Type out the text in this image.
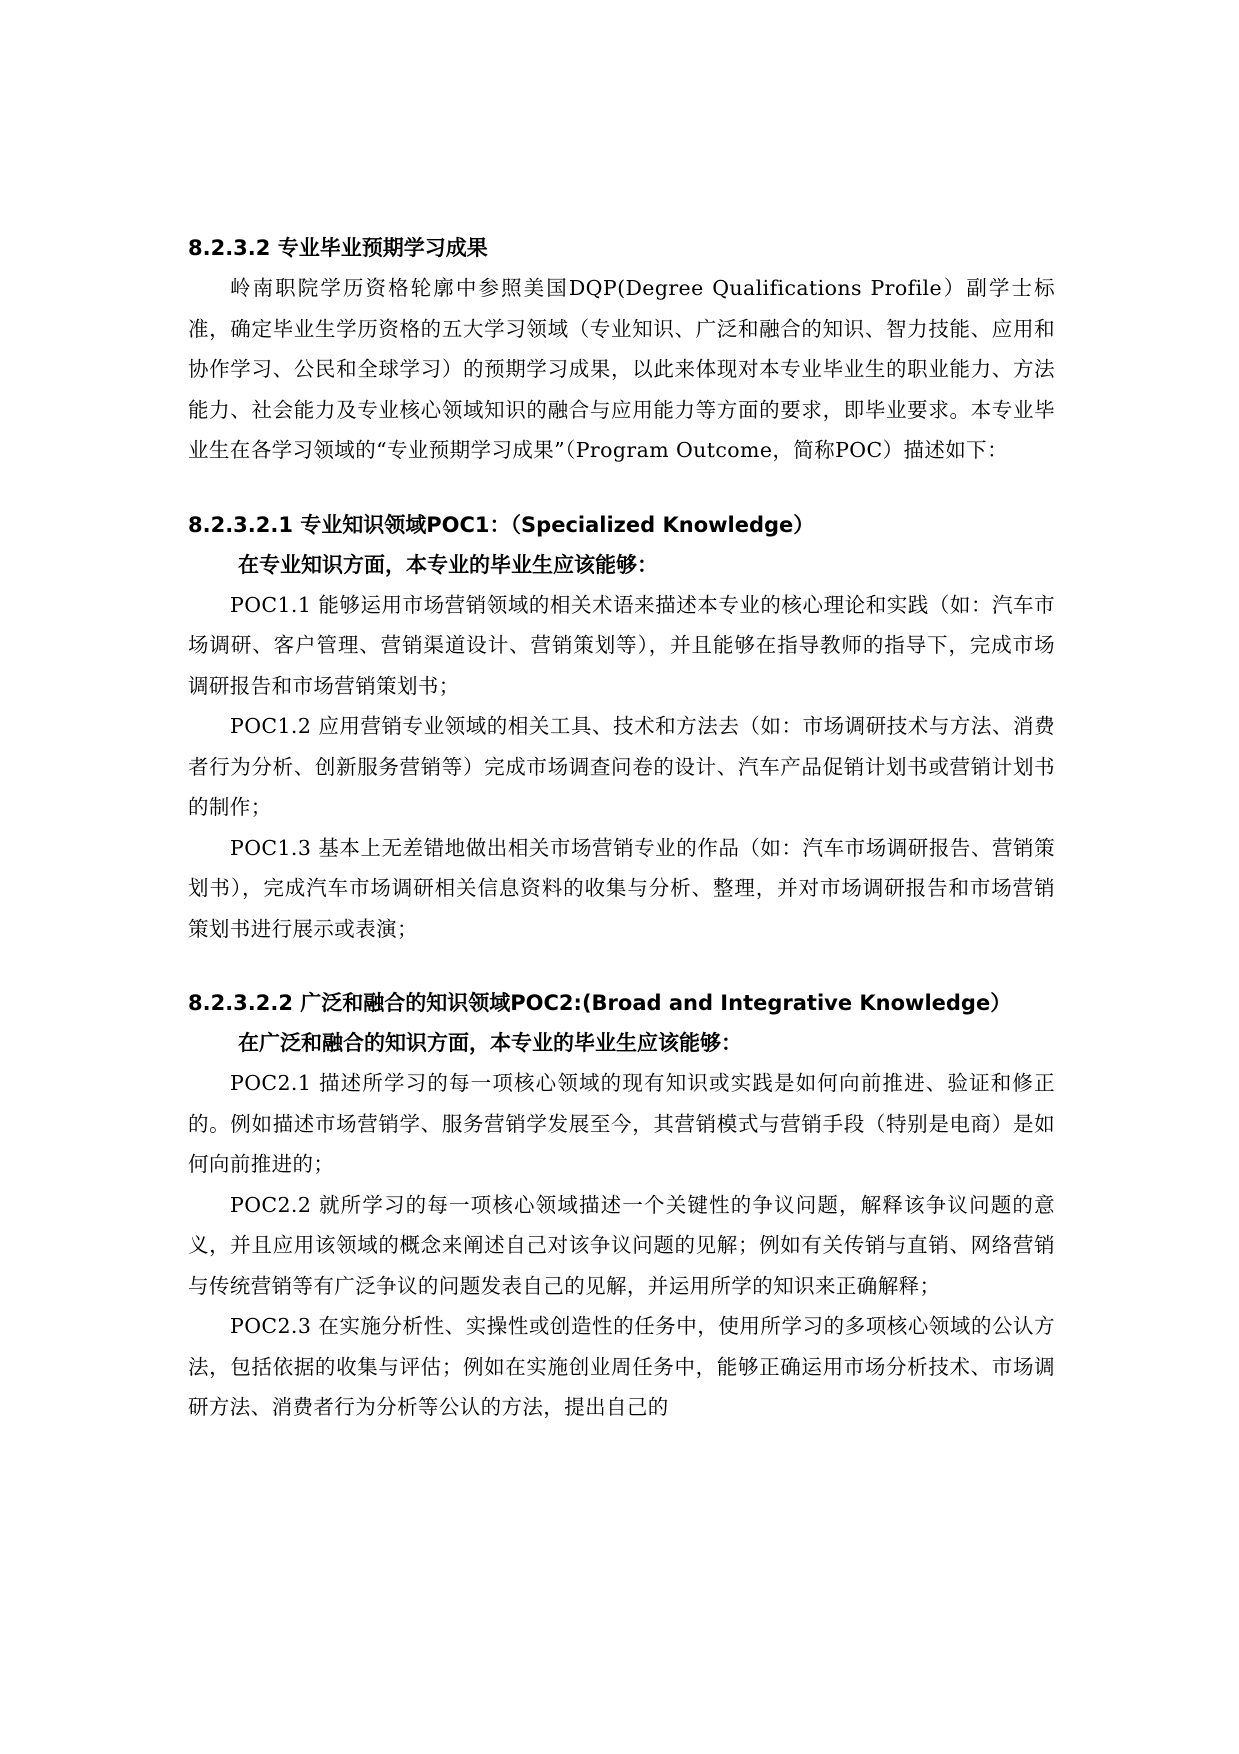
8.2.3.2 专业毕业预期学习成果

岭南职院学历资格轮廓中参照美国DQP(Degree Qualifications Profile）副学士标准，确定毕业生学历资格的五大学习领域（专业知识、广泛和融合的知识、智力技能、应用和协作学习、公民和全球学习）的预期学习成果，以此来体现对本专业毕业生的职业能力、方法能力、社会能力及专业核心领域知识的融合与应用能力等方面的要求，即毕业要求。本专业毕业生在各学习领域的“专业预期学习成果”（Program Outcome，简称POC）描述如下：

8.2.3.2.1 专业知识领域POC1：（Specialized Knowledge）
在专业知识方面，本专业的毕业生应该能够：

POC1.1 能够运用市场营销领域的相关术语来描述本专业的核心理论和实践（如：汽车市场调研、客户管理、营销渠道设计、营销策划等），并且能够在指导教师的指导下，完成市场调研报告和市场营销策划书；

POC1.2 应用营销专业领域的相关工具、技术和方法去（如：市场调研技术与方法、消费者行为分析、创新服务营销等）完成市场调查问卷的设计、汽车产品促销计划书或营销计划书的制作；

POC1.3 基本上无差错地做出相关市场营销专业的作品（如：汽车市场调研报告、营销策划书），完成汽车市场调研相关信息资料的收集与分析、整理，并对市场调研报告和市场营销策划书进行展示或表演；

8.2.3.2.2 广泛和融合的知识领域POC2:(Broad and Integrative Knowledge）
在广泛和融合的知识方面，本专业的毕业生应该能够：

POC2.1 描述所学习的每一项核心领域的现有知识或实践是如何向前推进、验证和修正的。例如描述市场营销学、服务营销学发展至今，其营销模式与营销手段（特别是电商）是如何向前推进的；

POC2.2 就所学习的每一项核心领域描述一个关键性的争议问题，解释该争议问题的意义，并且应用该领域的概念来阐述自己对该争议问题的见解；例如有关传销与直销、网络营销与传统营销等有广泛争议的问题发表自己的见解，并运用所学的知识来正确解释；

POC2.3 在实施分析性、实操性或创造性的任务中，使用所学习的多项核心领域的公认方法，包括依据的收集与评估；例如在实施创业周任务中，能够正确运用市场分析技术、市场调研方法、消费者行为分析等公认的方法，提出自己的
